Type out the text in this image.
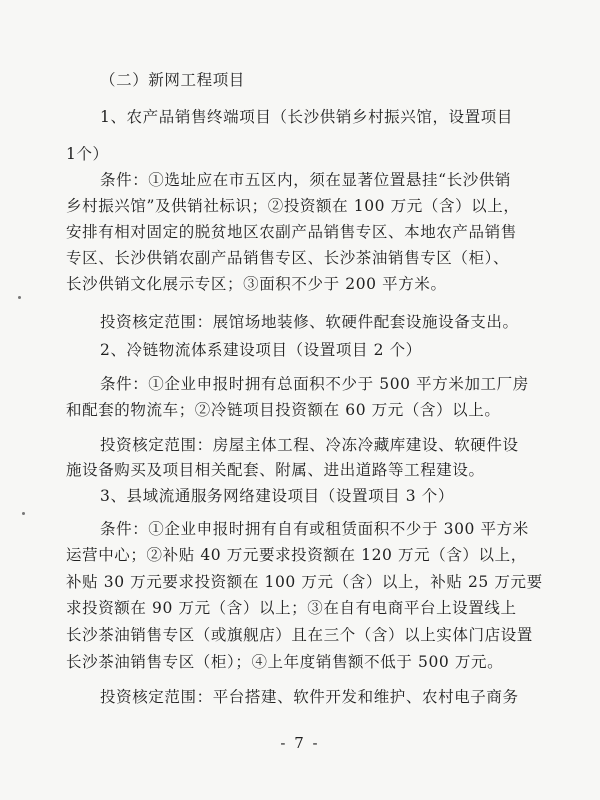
（二）新网工程项目
1、农产品销售终端项目（长沙供销乡村振兴馆，设置项目
1个）
条件：①选址应在市五区内，须在显著位置悬挂“长沙供销
乡村振兴馆”及供销社标识；②投资额在 100 万元（含）以上，
安排有相对固定的脱贫地区农副产品销售专区、本地农产品销售
专区、长沙供销农副产品销售专区、长沙茶油销售专区（柜）、
长沙供销文化展示专区；③面积不少于 200 平方米。
投资核定范围：展馆场地装修、软硬件配套设施设备支出。
2、冷链物流体系建设项目（设置项目 2 个）
条件：①企业申报时拥有总面积不少于 500 平方米加工厂房
和配套的物流车；②冷链项目投资额在 60 万元（含）以上。
投资核定范围：房屋主体工程、冷冻冷藏库建设、软硬件设
施设备购买及项目相关配套、附属、进出道路等工程建设。
3、县域流通服务网络建设项目（设置项目 3 个）
条件：①企业申报时拥有自有或租赁面积不少于 300 平方米
运营中心；②补贴 40 万元要求投资额在 120 万元（含）以上，
补贴 30 万元要求投资额在 100 万元（含）以上，补贴 25 万元要
求投资额在 90 万元（含）以上；③在自有电商平台上设置线上
长沙茶油销售专区（或旗舰店）且在三个（含）以上实体门店设置
长沙茶油销售专区（柜）；④上年度销售额不低于 500 万元。
投资核定范围：平台搭建、软件开发和维护、农村电子商务
- 7 -
